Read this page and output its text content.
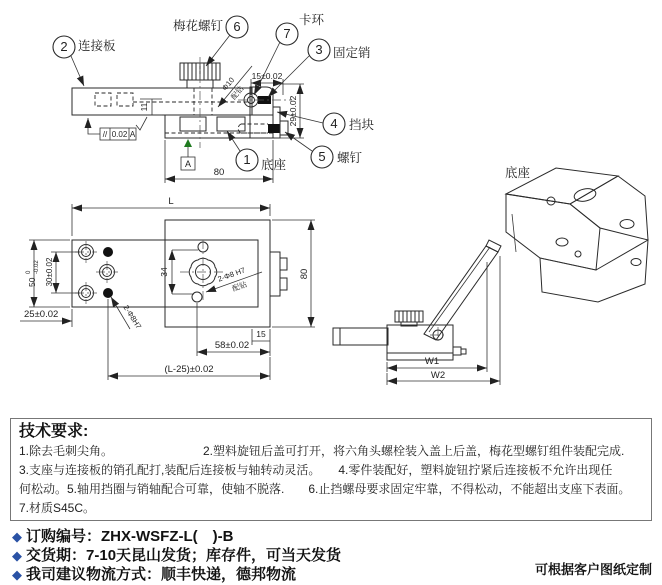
15±0.02
29±0.02
11
// 0.02 A
A
80
Φ10
配钻
1 底座
2 连接板	3 固定销
4 挡块
5 螺钉
6
梅花螺钉	7
卡环
L
80
34
50
0 -0.02 30±0.02
25±0.02
15
58±0.02
(L-25)±0.02
2-Φ8H7
2-Φ8 H7
配钻
W1
W2
底座
技术要求:
1.除去毛刺尖角。　　　　　　　　2.塑料旋钮后盖可打开，将六角头螺栓装入盖上后盖，梅花型螺钉组件装配完成.
3.支座与连接板的销孔配打,装配后连接板与轴转动灵活。　　4.零件装配好，塑料旋钮拧紧后连接板不允许出现任
何松动。5.轴用挡圈与销轴配合可靠，使轴不脱落.　　6.止挡螺母要求固定牢靠，不得松动，不能超出支座下表面。
7.材质S45C。
◆ 订购编号：ZHX-WSFZ-L(　)-B
◆ 交货期：7-10天昆山发货；库存件，可当天发货
◆ 我司建议物流方式：顺丰快递，德邦物流	可根据客户图纸定制
